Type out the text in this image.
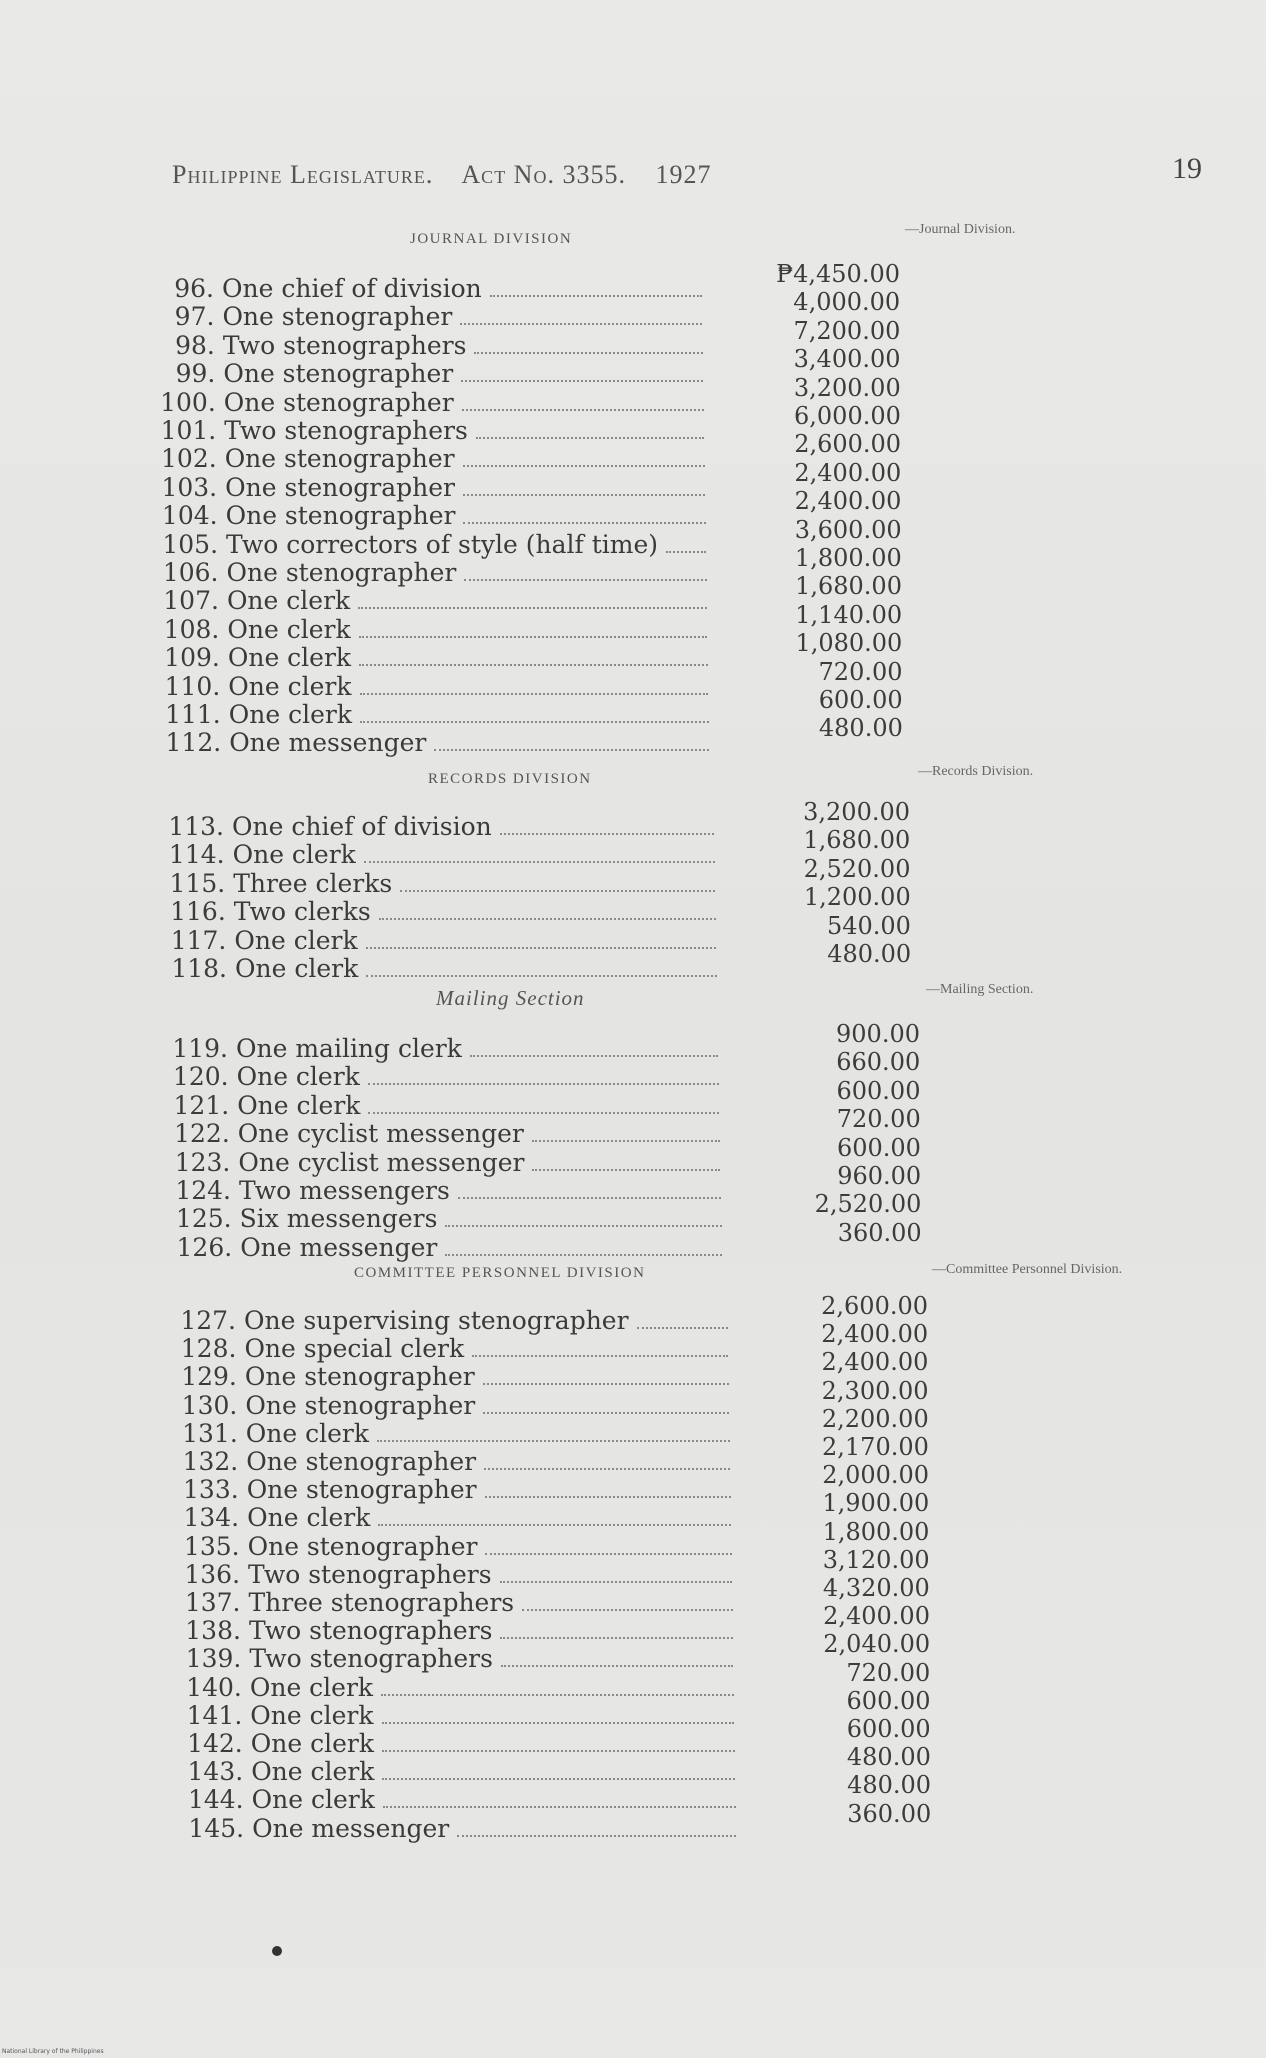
Philippine Legislature. Act No. 3355. 1927	19
JOURNAL DIVISION
—Journal Division.
96. One chief of division	₱4,450.00
97. One stenographer	4,000.00
98. Two stenographers	7,200.00
99. One stenographer	3,400.00
100. One stenographer	3,200.00
101. Two stenographers	6,000.00
102. One stenographer	2,600.00
103. One stenographer	2,400.00
104. One stenographer	2,400.00
105. Two correctors of style (half time)	3,600.00
106. One stenographer	1,800.00
107. One clerk	1,680.00
108. One clerk	1,140.00
109. One clerk	1,080.00
110. One clerk	720.00
111. One clerk	600.00
112. One messenger	480.00
RECORDS DIVISION	—Records Division.
113. One chief of division	3,200.00
114. One clerk	1,680.00
115. Three clerks	2,520.00
116. Two clerks	1,200.00
117. One clerk	540.00
118. One clerk	480.00
Mailing Section	—Mailing Section.
119. One mailing clerk	900.00
120. One clerk	660.00
121. One clerk	600.00
122. One cyclist messenger	720.00
123. One cyclist messenger	600.00
124. Two messengers	960.00
125. Six messengers	2,520.00
126. One messenger	360.00
COMMITTEE PERSONNEL DIVISION	—Committee Personnel Division.
127. One supervising stenographer	2,600.00
128. One special clerk	2,400.00
129. One stenographer	2,400.00
130. One stenographer	2,300.00
131. One clerk	2,200.00
132. One stenographer	2,170.00
133. One stenographer	2,000.00
134. One clerk	1,900.00
135. One stenographer	1,800.00
136. Two stenographers	3,120.00
137. Three stenographers	4,320.00
138. Two stenographers	2,400.00
139. Two stenographers	2,040.00
140. One clerk	720.00
141. One clerk	600.00
142. One clerk	600.00
143. One clerk	480.00
144. One clerk	480.00
145. One messenger	360.00
National Library of the Philippines
